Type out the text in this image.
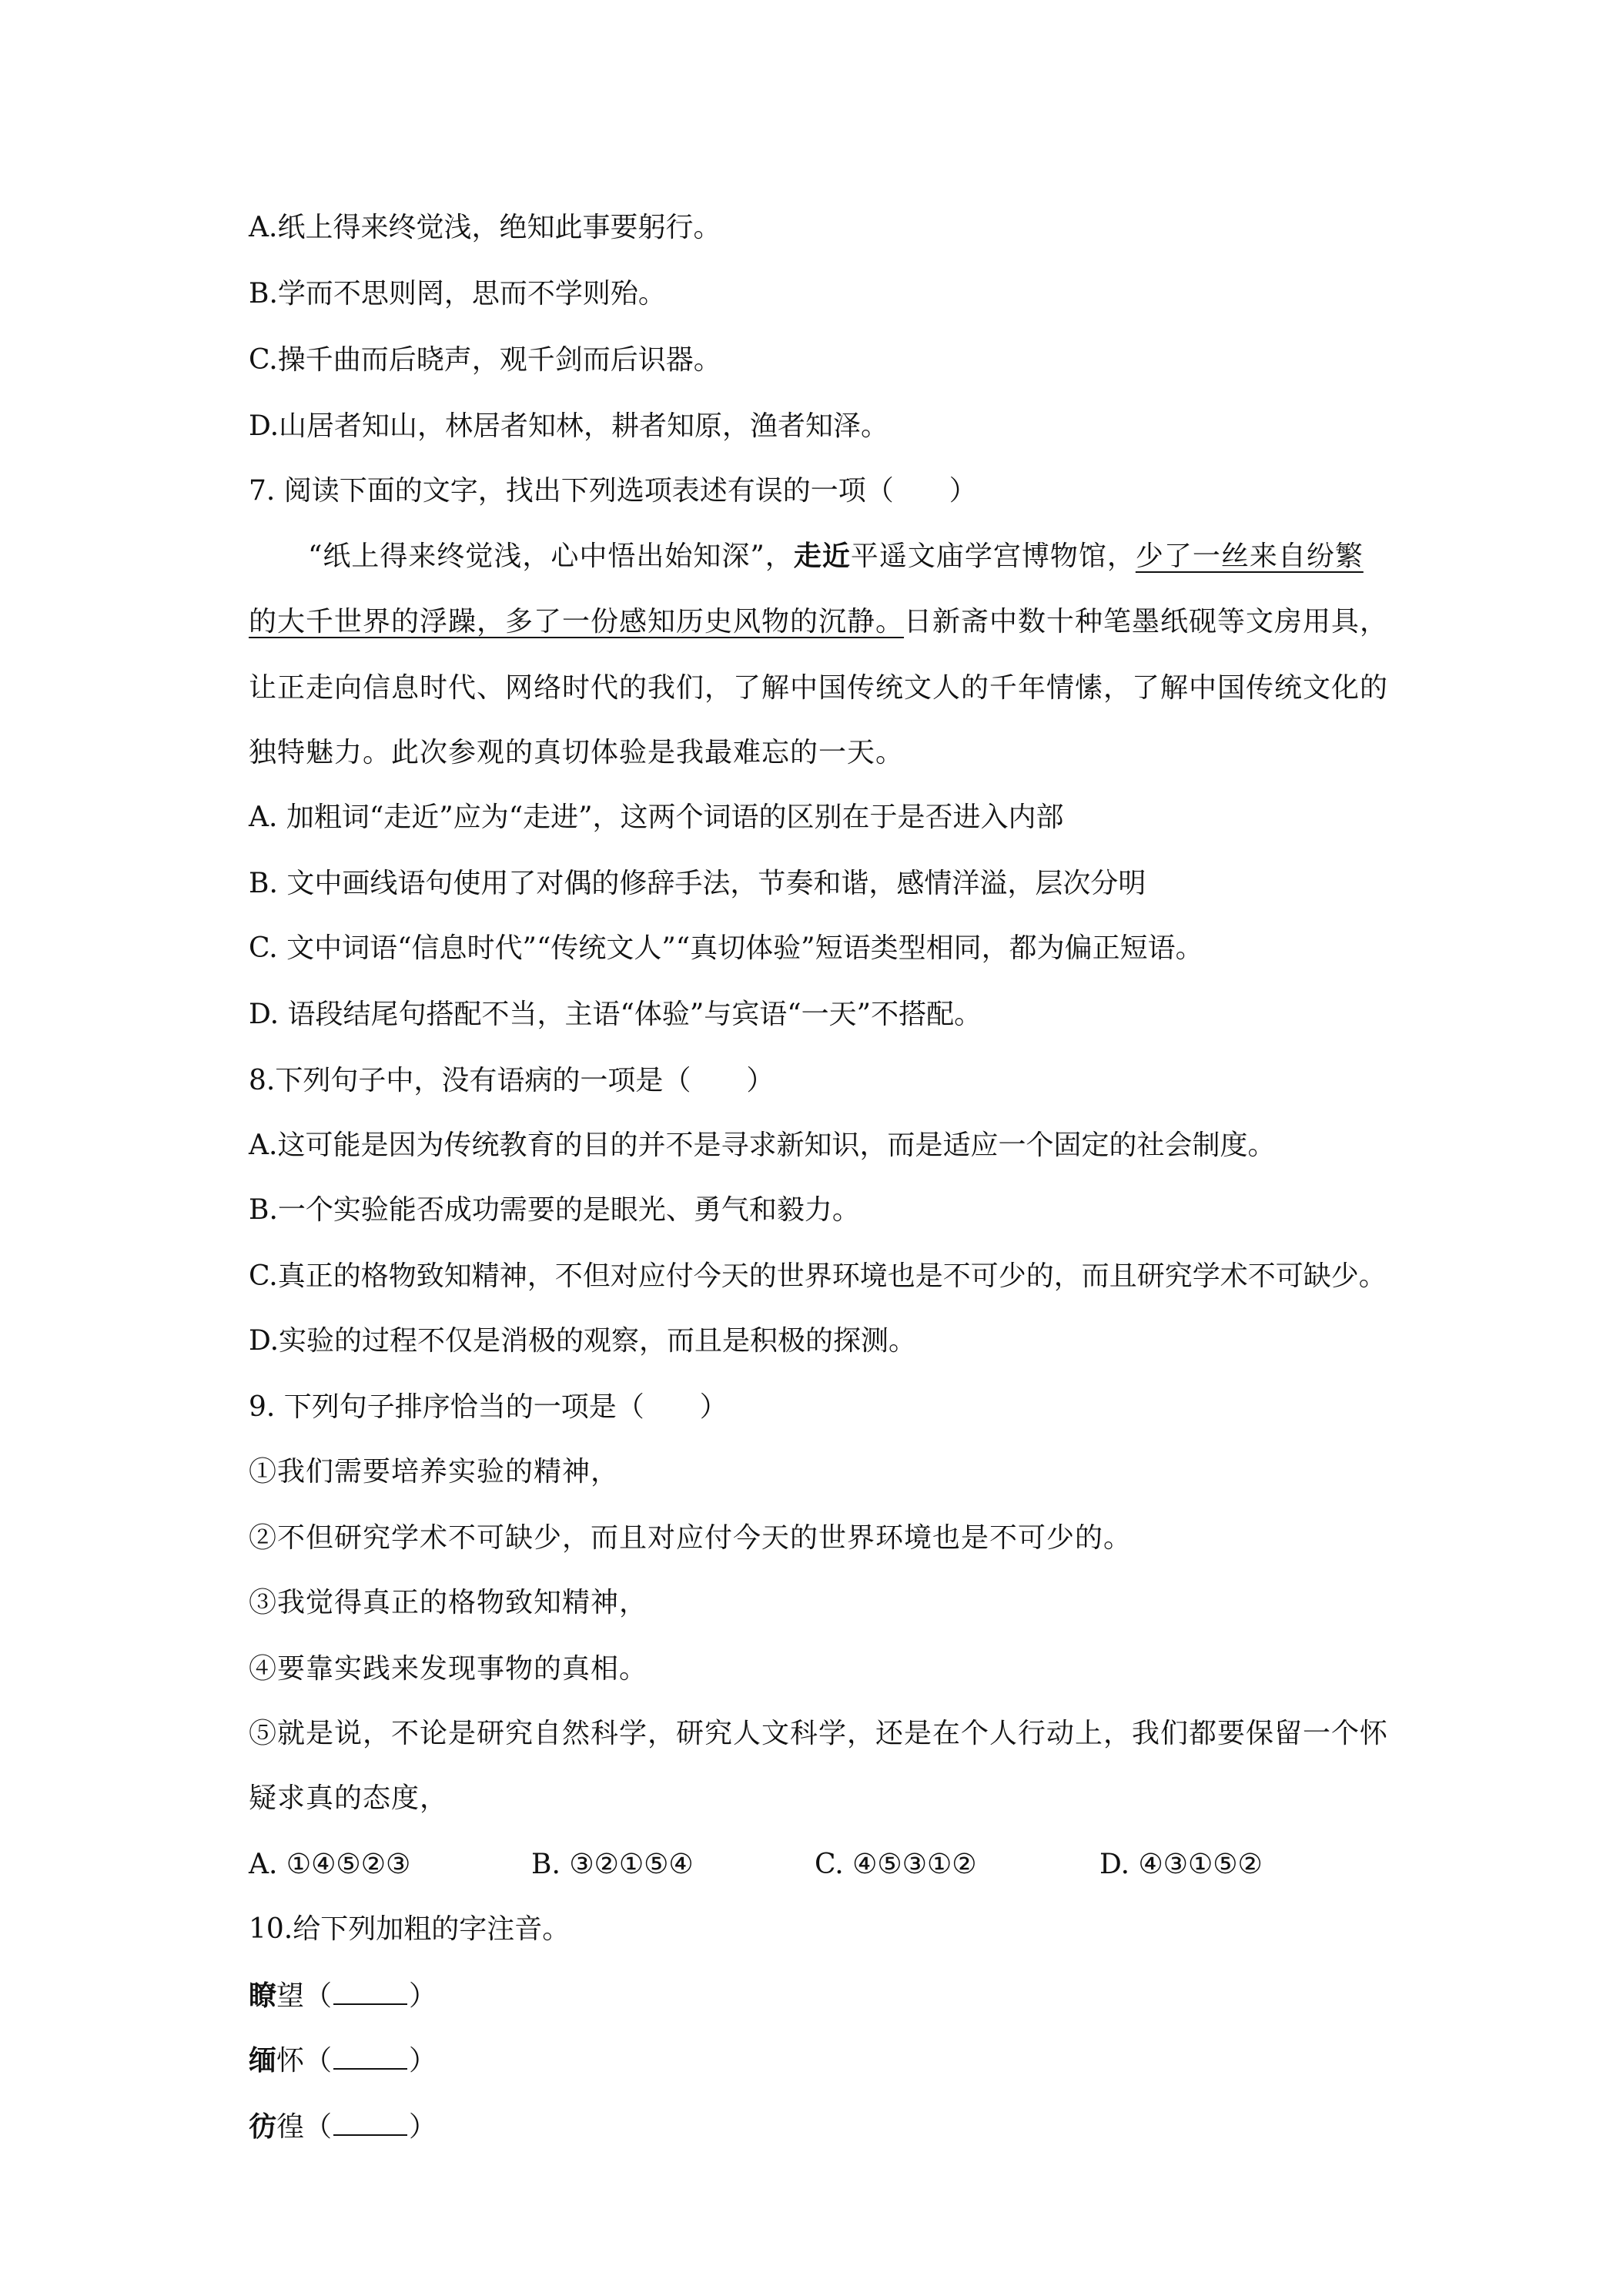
A.纸上得来终觉浅，绝知此事要躬行。
B.学而不思则罔，思而不学则殆。
C.操千曲而后晓声，观千剑而后识器。
D.山居者知山，林居者知林，耕者知原，渔者知泽。
7. 阅读下面的文字，找出下列选项表述有误的一项（　　）
“纸上得来终觉浅，心中悟出始知深”，走近平遥文庙学宫博物馆，少了一丝来自纷繁
的大千世界的浮躁，多了一份感知历史风物的沉静。日新斋中数十种笔墨纸砚等文房用具，
让正走向信息时代、网络时代的我们，了解中国传统文人的千年情愫，了解中国传统文化的
独特魅力。此次参观的真切体验是我最难忘的一天。
A. 加粗词“走近”应为“走进”，这两个词语的区别在于是否进入内部
B. 文中画线语句使用了对偶的修辞手法，节奏和谐，感情洋溢，层次分明
C. 文中词语“信息时代”“传统文人”“真切体验”短语类型相同，都为偏正短语。
D. 语段结尾句搭配不当，主语“体验”与宾语“一天”不搭配。
8.下列句子中，没有语病的一项是（　　）
A.这可能是因为传统教育的目的并不是寻求新知识，而是适应一个固定的社会制度。
B.一个实验能否成功需要的是眼光、勇气和毅力。
C.真正的格物致知精神，不但对应付今天的世界环境也是不可少的，而且研究学术不可缺少。
D.实验的过程不仅是消极的观察，而且是积极的探测。
9. 下列句子排序恰当的一项是（　　）
①我们需要培养实验的精神，
②不但研究学术不可缺少，而且对应付今天的世界环境也是不可少的。
③我觉得真正的格物致知精神，
④要靠实践来发现事物的真相。
⑤就是说，不论是研究自然科学，研究人文科学，还是在个人行动上，我们都要保留一个怀
疑求真的态度，
A. ①④⑤②③	B. ③②①⑤④	C. ④⑤③①②	D. ④③①⑤②
10.给下列加粗的字注音。
瞭望（	）
缅怀（	）
彷徨（	）
